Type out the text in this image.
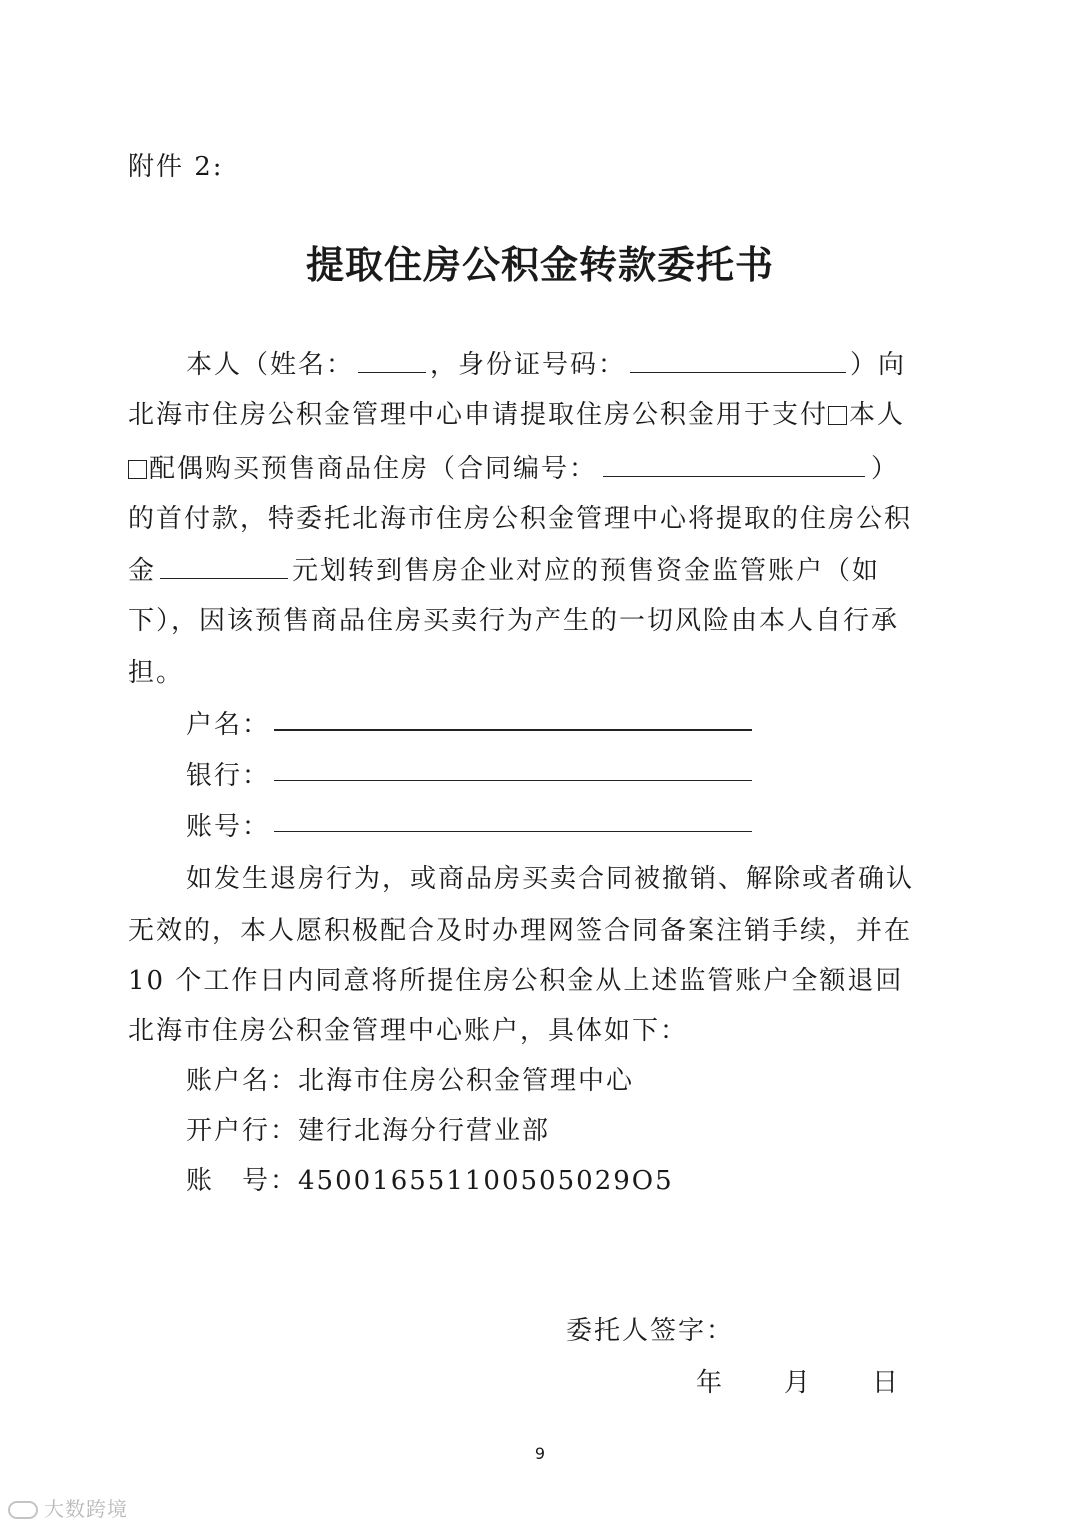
附件 2:
提取住房公积金转款委托书
本人（姓名：	，身份证号码：	）向
北海市住房公积金管理中心申请提取住房公积金用于支付 本人
配偶购买预售商品住房（合同编号：	）
的首付款，特委托北海市住房公积金管理中心将提取的住房公积
金	元划转到售房企业对应的预售资金监管账户（如
下），因该预售商品住房买卖行为产生的一切风险由本人自行承
担。
户名：
银行：
账号：
如发生退房行为，或商品房买卖合同被撤销、解除或者确认
无效的，本人愿积极配合及时办理网签合同备案注销手续，并在
10 个工作日内同意将所提住房公积金从上述监管账户全额退回
北海市住房公积金管理中心账户，具体如下：
账户名：北海市住房公积金管理中心
开户行：建行北海分行营业部
账　号：450016551100505029O5
委托人签字：
年 月 日
9
大数跨境
